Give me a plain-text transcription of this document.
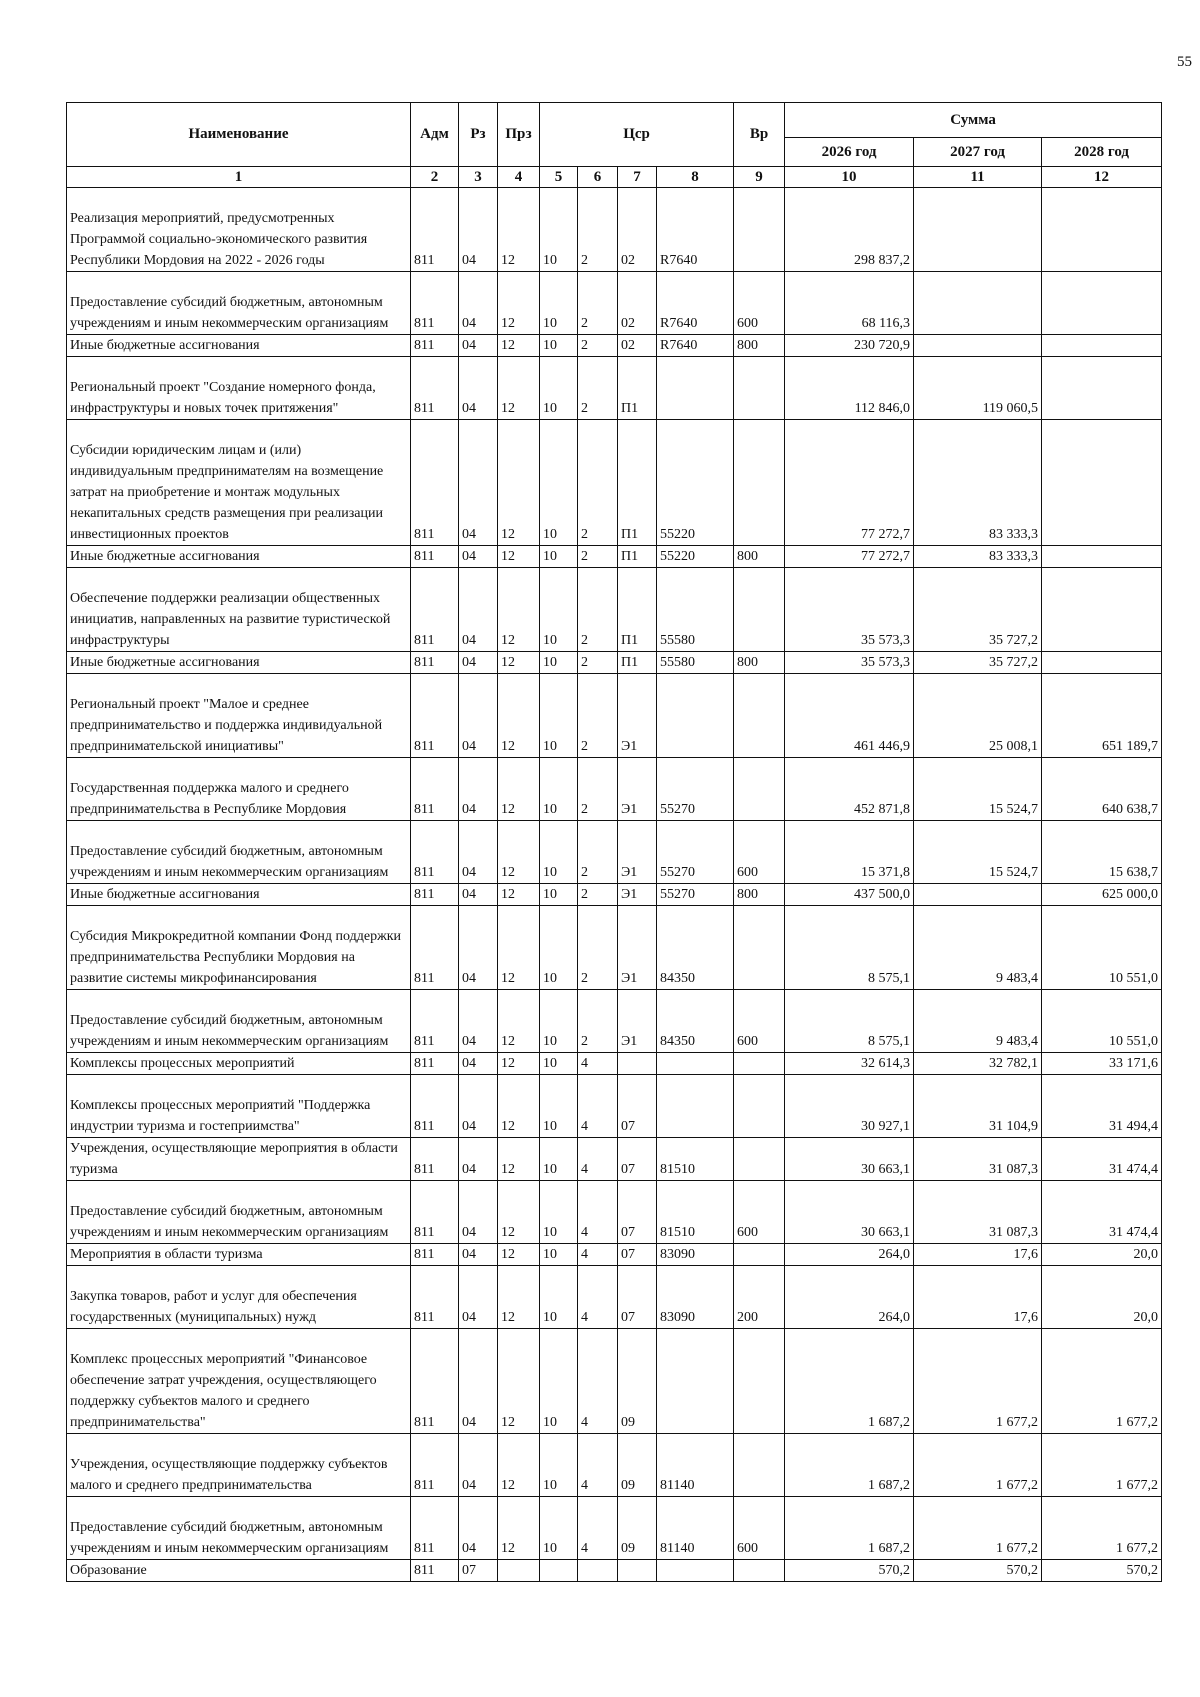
55
Наименование	Адм	Рз	Прз	Цср				Вр	Сумма		
									2026 год	2027 год	2028 год
1	2	3	4	5	6	7	8	9	10	11	12
Реализация мероприятий, предусмотренных Программой социально-экономического развития Республики Мордовия на 2022 - 2026 годы	811	04	12	10	2	02	R7640		298 837,2		
Предоставление субсидий бюджетным, автономным учреждениям и иным некоммерческим организациям	811	04	12	10	2	02	R7640	600	68 116,3		
Иные бюджетные ассигнования	811	04	12	10	2	02	R7640	800	230 720,9		
Региональный проект "Создание номерного фонда, инфраструктуры и новых точек притяжения"	811	04	12	10	2	П1			112 846,0	119 060,5	
Субсидии юридическим лицам и (или) индивидуальным предпринимателям на возмещение затрат на приобретение и монтаж модульных некапитальных средств размещения при реализации инвестиционных проектов	811	04	12	10	2	П1	55220		77 272,7	83 333,3	
Иные бюджетные ассигнования	811	04	12	10	2	П1	55220	800	77 272,7	83 333,3	
Обеспечение поддержки реализации общественных инициатив, направленных на развитие туристической инфраструктуры	811	04	12	10	2	П1	55580		35 573,3	35 727,2	
Иные бюджетные ассигнования	811	04	12	10	2	П1	55580	800	35 573,3	35 727,2	
Региональный проект "Малое и среднее предпринимательство и поддержка индивидуальной предпринимательской инициативы"	811	04	12	10	2	Э1			461 446,9	25 008,1	651 189,7
Государственная поддержка малого и среднего предпринимательства в Республике Мордовия	811	04	12	10	2	Э1	55270		452 871,8	15 524,7	640 638,7
Предоставление субсидий бюджетным, автономным учреждениям и иным некоммерческим организациям	811	04	12	10	2	Э1	55270	600	15 371,8	15 524,7	15 638,7
Иные бюджетные ассигнования	811	04	12	10	2	Э1	55270	800	437 500,0		625 000,0
Субсидия Микрокредитной компании Фонд поддержки предпринимательства Республики Мордовия на развитие системы микрофинансирования	811	04	12	10	2	Э1	84350		8 575,1	9 483,4	10 551,0
Предоставление субсидий бюджетным, автономным учреждениям и иным некоммерческим организациям	811	04	12	10	2	Э1	84350	600	8 575,1	9 483,4	10 551,0
Комплексы процессных мероприятий	811	04	12	10	4				32 614,3	32 782,1	33 171,6
Комплексы процессных мероприятий "Поддержка индустрии туризма и гостеприимства"	811	04	12	10	4	07			30 927,1	31 104,9	31 494,4
Учреждения, осуществляющие мероприятия в области туризма	811	04	12	10	4	07	81510		30 663,1	31 087,3	31 474,4
Предоставление субсидий бюджетным, автономным учреждениям и иным некоммерческим организациям	811	04	12	10	4	07	81510	600	30 663,1	31 087,3	31 474,4
Мероприятия в области туризма	811	04	12	10	4	07	83090		264,0	17,6	20,0
Закупка товаров, работ и услуг для обеспечения государственных (муниципальных) нужд	811	04	12	10	4	07	83090	200	264,0	17,6	20,0
Комплекс процессных мероприятий "Финансовое обеспечение затрат учреждения, осуществляющего поддержку субъектов малого и среднего предпринимательства"	811	04	12	10	4	09			1 687,2	1 677,2	1 677,2
Учреждения, осуществляющие поддержку субъектов малого и среднего предпринимательства	811	04	12	10	4	09	81140		1 687,2	1 677,2	1 677,2
Предоставление субсидий бюджетным, автономным учреждениям и иным некоммерческим организациям	811	04	12	10	4	09	81140	600	1 687,2	1 677,2	1 677,2
Образование	811	07							570,2	570,2	570,2
